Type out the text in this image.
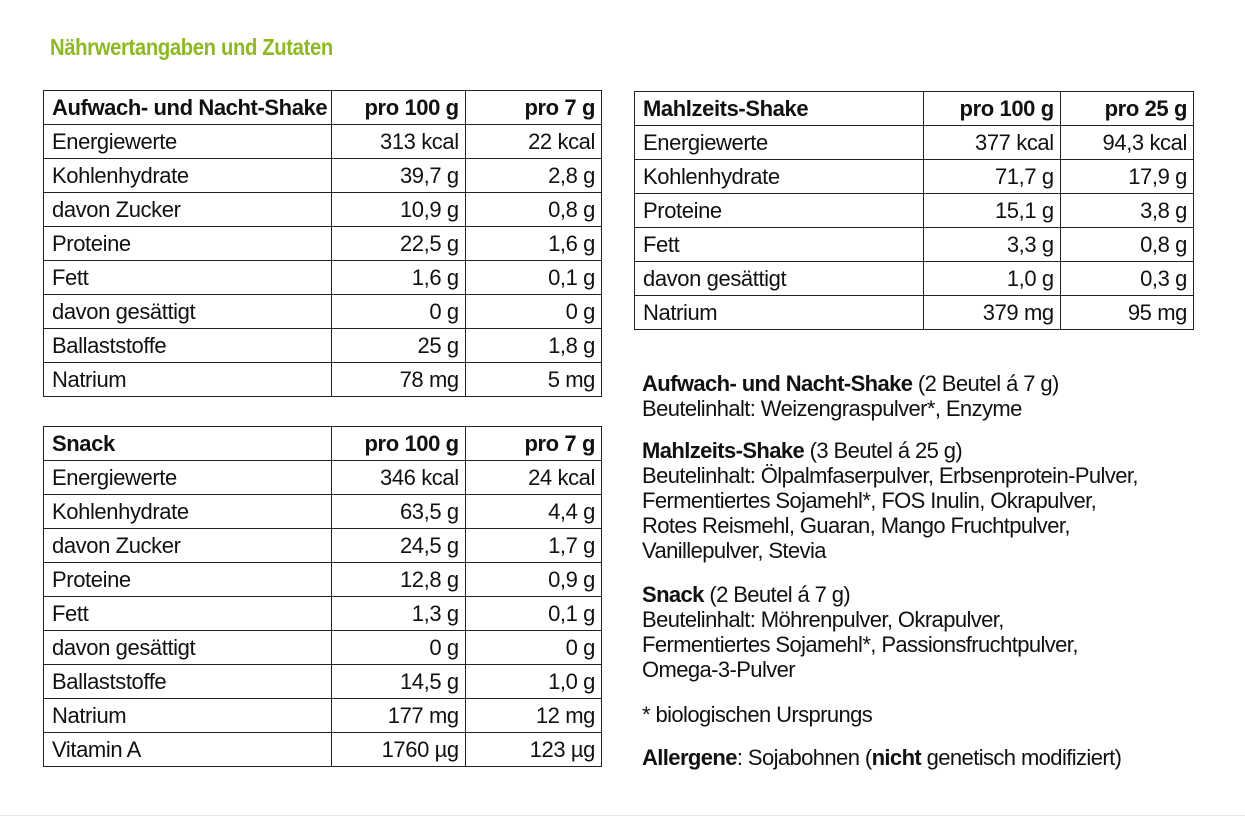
Nährwertangaben und Zutaten
Aufwach- und Nacht-Shake	pro 100 g	pro 7 g
Energiewerte	313 kcal	22 kcal
Kohlenhydrate	39,7 g	2,8 g
davon Zucker	10,9 g	0,8 g
Proteine	22,5 g	1,6 g
Fett	1,6 g	0,1 g
davon gesättigt	0 g	0 g
Ballaststoffe	25 g	1,8 g
Natrium	78 mg	5 mg
Snack	pro 100 g	pro 7 g
Energiewerte	346 kcal	24 kcal
Kohlenhydrate	63,5 g	4,4 g
davon Zucker	24,5 g	1,7 g
Proteine	12,8 g	0,9 g
Fett	1,3 g	0,1 g
davon gesättigt	0 g	0 g
Ballaststoffe	14,5 g	1,0 g
Natrium	177 mg	12 mg
Vitamin A	1760 µg	123 µg
Mahlzeits-Shake	pro 100 g	pro 25 g
Energiewerte	377 kcal	94,3 kcal
Kohlenhydrate	71,7 g	17,9 g
Proteine	15,1 g	3,8 g
Fett	3,3 g	0,8 g
davon gesättigt	1,0 g	0,3 g
Natrium	379 mg	95 mg
Aufwach- und Nacht-Shake (2 Beutel á 7 g)
Beutelinhalt: Weizengraspulver*, Enzyme
Mahlzeits-Shake (3 Beutel á 25 g)
Beutelinhalt: Ölpalmfaserpulver, Erbsenprotein-Pulver,
Fermentiertes Sojamehl*, FOS Inulin, Okrapulver,
Rotes Reismehl, Guaran, Mango Fruchtpulver,
Vanillepulver, Stevia
Snack (2 Beutel á 7 g)
Beutelinhalt: Möhrenpulver, Okrapulver,
Fermentiertes Sojamehl*, Passionsfruchtpulver,
Omega-3-Pulver
* biologischen Ursprungs
Allergene: Sojabohnen (nicht genetisch modifiziert)
